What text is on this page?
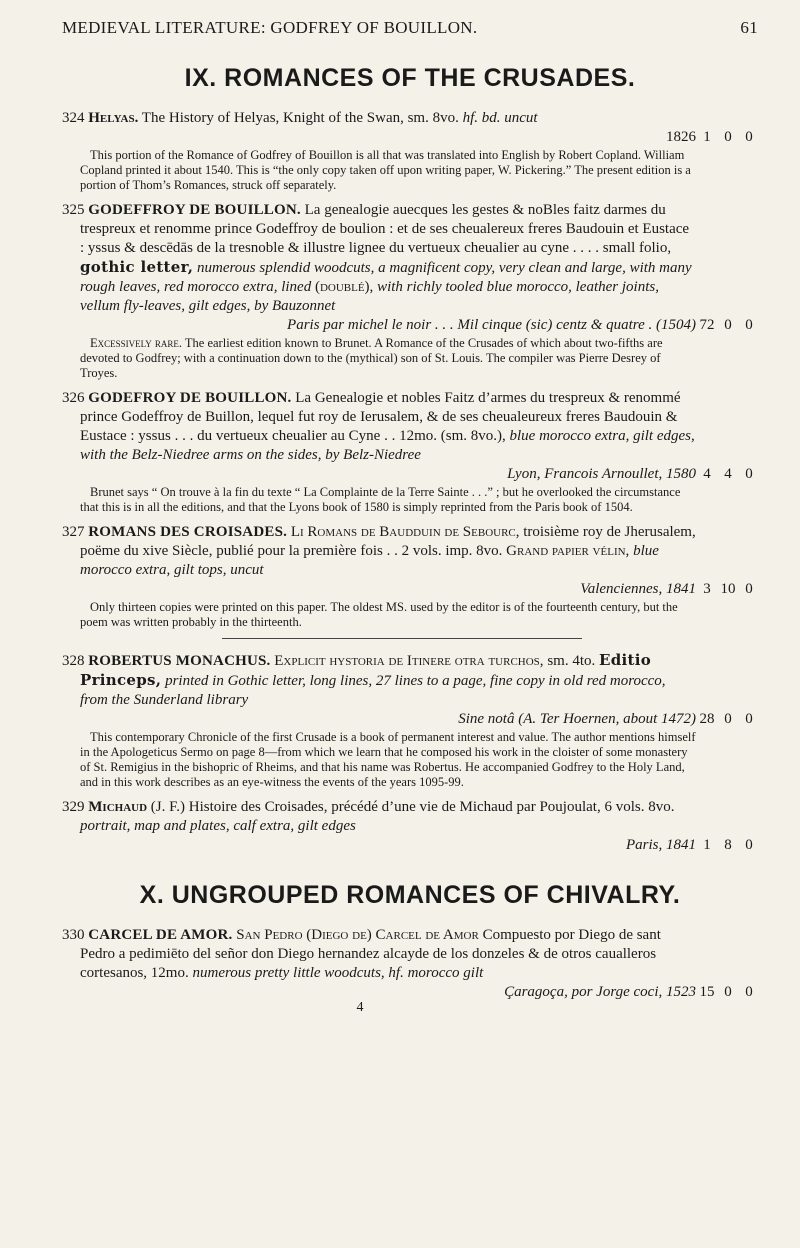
MEDIEVAL LITERATURE: GODFREY OF BOUILLON.	61
IX. ROMANCES OF THE CRUSADES.
324 Helyas. The History of Helyas, Knight of the Swan, sm. 8vo. hf. bd. uncut
1826 1 0 0
This portion of the Romance of Godfrey of Bouillon is all that was translated into English by Robert Copland. William Copland printed it about 1540. This is “the only copy taken off upon writing paper, W. Pickering.” The present edition is a portion of Thom’s Romances, struck off separately.
325 GODEFFROY DE BOUILLON. La genealogie auecques les gestes & noBles faitz darmes du trespreux et renomme prince Godeffroy de boulion : et de ses cheualereux freres Baudouin et Eustace : yssus & descēdās de la tresnoble & illustre lignee du vertueux cheualier au cyne . . . . small folio, gothic letter, numerous splendid woodcuts, a magnificent copy, very clean and large, with many rough leaves, red morocco extra, lined (doublé), with richly tooled blue morocco, leather joints, vellum fly-leaves, gilt edges, by Bauzonnet
Paris par michel le noir . . . Mil cinque (sic) centz & quatre . (1504) 72 0 0
Excessively rare. The earliest edition known to Brunet. A Romance of the Crusades of which about two-fifths are devoted to Godfrey; with a continuation down to the (mythical) son of St. Louis. The compiler was Pierre Desrey of Troyes.
326 GODEFROY DE BOUILLON. La Genealogie et nobles Faitz d’armes du trespreux & renommé prince Godeffroy de Buillon, lequel fut roy de Ierusalem, & de ses cheualeureux freres Baudouin & Eustace : yssus . . . du vertueux cheualier au Cyne . . 12mo. (sm. 8vo.), blue morocco extra, gilt edges, with the Belz-Niedree arms on the sides, by Belz-Niedree
Lyon, Francois Arnoullet, 1580 4 4 0
Brunet says “ On trouve à la fin du texte “ La Complainte de la Terre Sainte . . .” ; but he overlooked the circumstance that this is in all the editions, and that the Lyons book of 1580 is simply reprinted from the Paris book of 1504.
327 ROMANS DES CROISADES. Li Romans de Baudduin de Sebourc, troisième roy de Jherusalem, poëme du xive Siècle, publié pour la première fois . . 2 vols. imp. 8vo. Grand papier vélin, blue morocco extra, gilt tops, uncut
Valenciennes, 1841 3 10 0
Only thirteen copies were printed on this paper. The oldest MS. used by the editor is of the fourteenth century, but the poem was written probably in the thirteenth.
328 ROBERTUS MONACHUS. Explicit hystoria de Itinere otra turchos, sm. 4to. Editio Princeps, printed in Gothic letter, long lines, 27 lines to a page, fine copy in old red morocco, from the Sunderland library
Sine notâ (A. Ter Hoernen, about 1472) 28 0 0
This contemporary Chronicle of the first Crusade is a book of permanent interest and value. The author mentions himself in the Apologeticus Sermo on page 8—from which we learn that he composed his work in the cloister of some monastery of St. Remigius in the bishopric of Rheims, and that his name was Robertus. He accompanied Godfrey to the Holy Land, and in this work describes as an eye-witness the events of the years 1095-99.
329 Michaud (J. F.) Histoire des Croisades, précédé d’une vie de Michaud par Poujoulat, 6 vols. 8vo. portrait, map and plates, calf extra, gilt edges
Paris, 1841 1 8 0
X. UNGROUPED ROMANCES OF CHIVALRY.
330 CARCEL DE AMOR. San Pedro (Diego de) Carcel de Amor Compuesto por Diego de sant Pedro a pedimiēto del señor don Diego hernandez alcayde de los donzeles & de otros caualleros cortesanos, 12mo. numerous pretty little woodcuts, hf. morocco gilt
Çaragoça, por Jorge coci, 1523 15 0 0
4
